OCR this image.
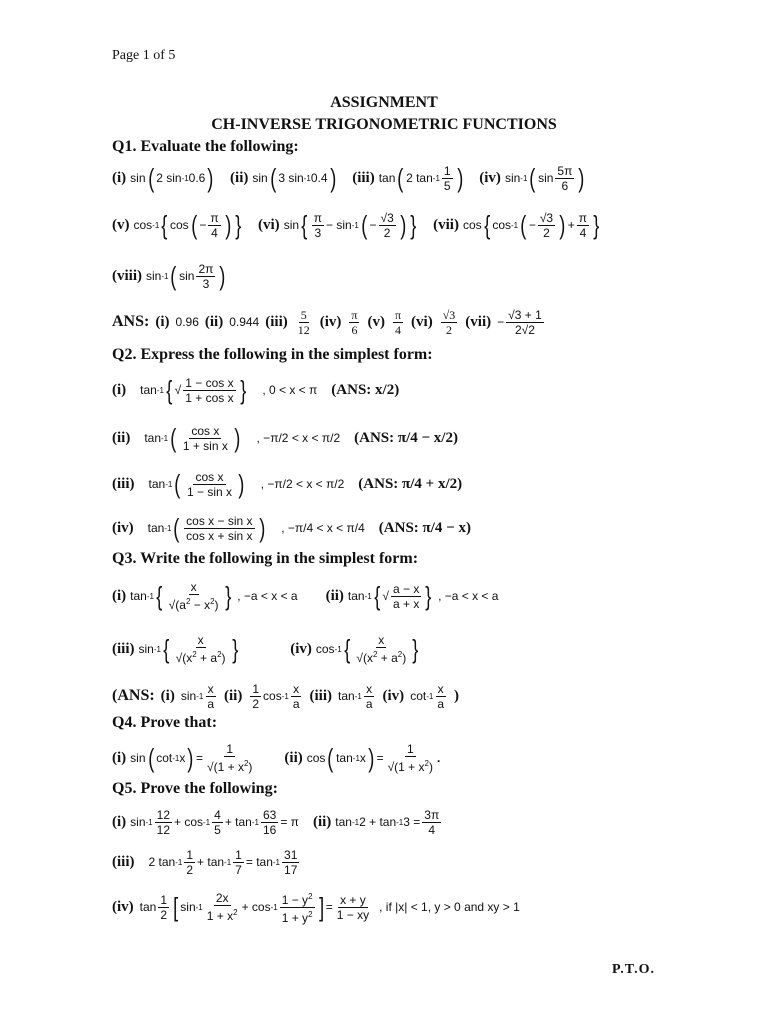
Page 1 of 5
ASSIGNMENT
CH-INVERSE TRIGONOMETRIC FUNCTIONS
Q1. Evaluate the following:
(i) sin ( 2 sin -1 0.6 ) (ii) sin ( 3 sin -1 0.4 ) (iii) tan ( 2 $\tan -1 \frac{1}{5}$ ) (iv) sin -1 ( $\sin \frac{5\pi}{6}$ )
(v) cos -1 { cos ( − $\frac{\pi}{4}$ ) } (vi) sin { $\frac{\pi}{3} - \sin -1$ ( − $\frac{√3}{2}$ ) } (vii) cos { cos -1 ( − $\frac{√3}{2}$ ) + $\frac{\pi}{4}$ }
(viii) sin -1 ( $\sin \frac{2\pi}{3}$ )
ANS: (i) 0.96 (ii) 0.944 $(iii) \frac{5}{12} (iv) \frac{\pi}{6} (v) \frac{\pi}{4} (vi) \frac{√3}{2} (vii) - \frac{√3 + 1}{2√2}$
Q2. Express the following in the simplest form:
(i) tan -1 { √ $\frac{\text{1 − cos x}}{\text{1 + cos x}}$ } , 0 < x < π (ANS: x/2)
(ii) tan -1 ( $\frac{\text{cos x}}{\text{1 + sin x}}$ ) , −π/2 < x < π/2 (ANS: π/4 − x/2)
(iii) tan -1 ( $\frac{\text{cos x}}{\text{1 − sin x}}$ ) , −π/2 < x < π/2 (ANS: π/4 + x/2)
(iv) tan -1 ( $\frac{\text{cos x − sin x}}{\text{cos x + sin x}}$ ) , −π/4 < x < π/4 (ANS: π/4 − x)
Q3. Write the following in the simplest form:
(i) tan -1 { $\frac{x}{√(a^2 - x^2)}$ } , −a < x < a (ii) tan -1 { √ $\frac{a - x}{a + x}$ } , −a < x < a
(iii) sin -1 { $\frac{x}{√(x^2 + a^2)}$ }	(iv) cos -1 { $\frac{x}{√(x^2 + a^2)}$ }
(ANS: (i) $\sin -1 \frac{x}{a} (ii) \frac{1}{2}$ $\cos -1 \frac{x}{a} (iii)$ $\tan -1 \frac{x}{a} (iv)$ $\cot -1 \frac{x}{a}$ )
Q4. Prove that:
(i) sin ( cot -1 x ) = $\frac{1}{√(1 + x^2)} (ii)$ cos ( tan -1 x ) = $\frac{1}{√(1 + x^2)}$ .
Q5. Prove the following:
(i) $\sin -1 \frac{12}{12} + \cos -1 \frac{4}{5} + \tan -1 \frac{63}{16} = \pi$ (ii) tan -1 2 + tan -1 $3 = \frac{3\pi}{4}$
(iii) 2 $\tan -1 \frac{1}{2} + \tan -1 \frac{1}{7} = \tan -1 \frac{31}{17}$
(iv) $\tan \frac{1}{2}$ [ $\sin -1 \frac{2x}{1 + x^2} + \cos -1 \frac{1 - y^2}{1 + y^2}$ ] = $\frac{x + y}{1 - xy}$ , if |x| < 1, y > 0 and xy > 1
P.T.O.
